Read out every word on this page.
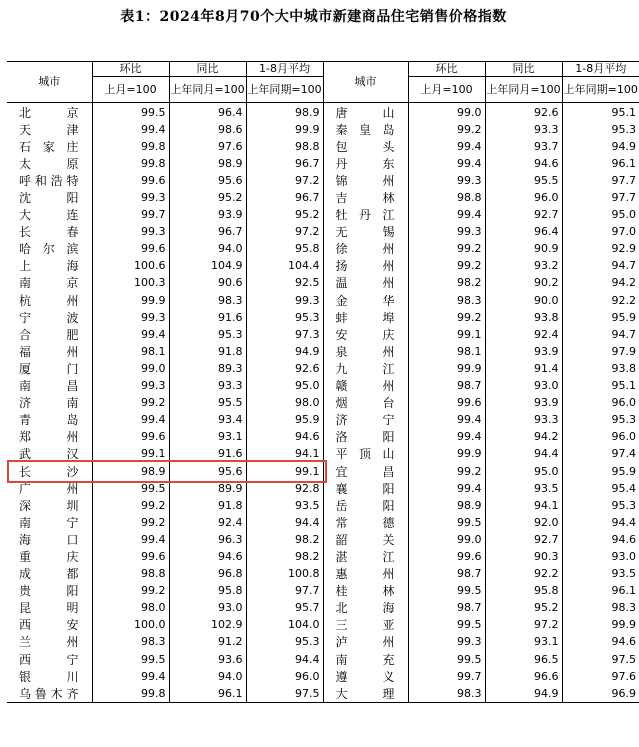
表1：2024年8月70个大中城市新建商品住宅销售价格指数
城市	环比	同比	1-8月平均	城市	环比	同比	1-8月平均
	上月=100	上年同月=100	上年同期=100		上月=100	上年同月=100	上年同期=100
北京	99.5	96.4	98.9	唐山	99.0	92.6	95.1
天津	99.4	98.6	99.9	秦皇岛	99.2	93.3	95.3
石家庄	99.8	97.6	98.8	包头	99.4	93.7	94.9
太原	99.8	98.9	96.7	丹东	99.4	94.6	96.1
呼和浩特	99.6	95.6	97.2	锦州	99.3	95.5	97.7
沈阳	99.3	95.2	96.7	吉林	98.8	96.0	97.7
大连	99.7	93.9	95.2	牡丹江	99.4	92.7	95.0
长春	99.3	96.7	97.2	无锡	99.3	96.4	97.0
哈尔滨	99.6	94.0	95.8	徐州	99.2	90.9	92.9
上海	100.6	104.9	104.4	扬州	99.2	93.2	94.7
南京	100.3	90.6	92.5	温州	98.2	90.2	94.2
杭州	99.9	98.3	99.3	金华	98.3	90.0	92.2
宁波	99.3	91.6	95.3	蚌埠	99.2	93.8	95.9
合肥	99.4	95.3	97.3	安庆	99.1	92.4	94.7
福州	98.1	91.8	94.9	泉州	98.1	93.9	97.9
厦门	99.0	89.3	92.6	九江	99.9	91.4	93.8
南昌	99.3	93.3	95.0	赣州	98.7	93.0	95.1
济南	99.2	95.5	98.0	烟台	99.6	93.9	96.0
青岛	99.4	93.4	95.9	济宁	99.4	93.3	95.3
郑州	99.6	93.1	94.6	洛阳	99.4	94.2	96.0
武汉	99.1	91.6	94.1	平顶山	99.9	94.4	97.4
长沙	98.9	95.6	99.1	宜昌	99.2	95.0	95.9
广州	99.5	89.9	92.8	襄阳	99.4	93.5	95.4
深圳	99.2	91.8	93.5	岳阳	98.9	94.1	95.3
南宁	99.2	92.4	94.4	常德	99.5	92.0	94.4
海口	99.4	96.3	98.2	韶关	99.0	92.7	94.6
重庆	99.6	94.6	98.2	湛江	99.6	90.3	93.0
成都	98.8	96.8	100.8	惠州	98.7	92.2	93.5
贵阳	99.2	95.8	97.7	桂林	99.5	95.8	96.1
昆明	98.0	93.0	95.7	北海	98.7	95.2	98.3
西安	100.0	102.9	104.0	三亚	99.5	97.2	99.9
兰州	98.3	91.2	95.3	泸州	99.3	93.1	94.6
西宁	99.5	93.6	94.4	南充	99.5	96.5	97.5
银川	99.4	94.0	96.0	遵义	99.7	96.6	97.6
乌鲁木齐	99.8	96.1	97.5	大理	98.3	94.9	96.9
